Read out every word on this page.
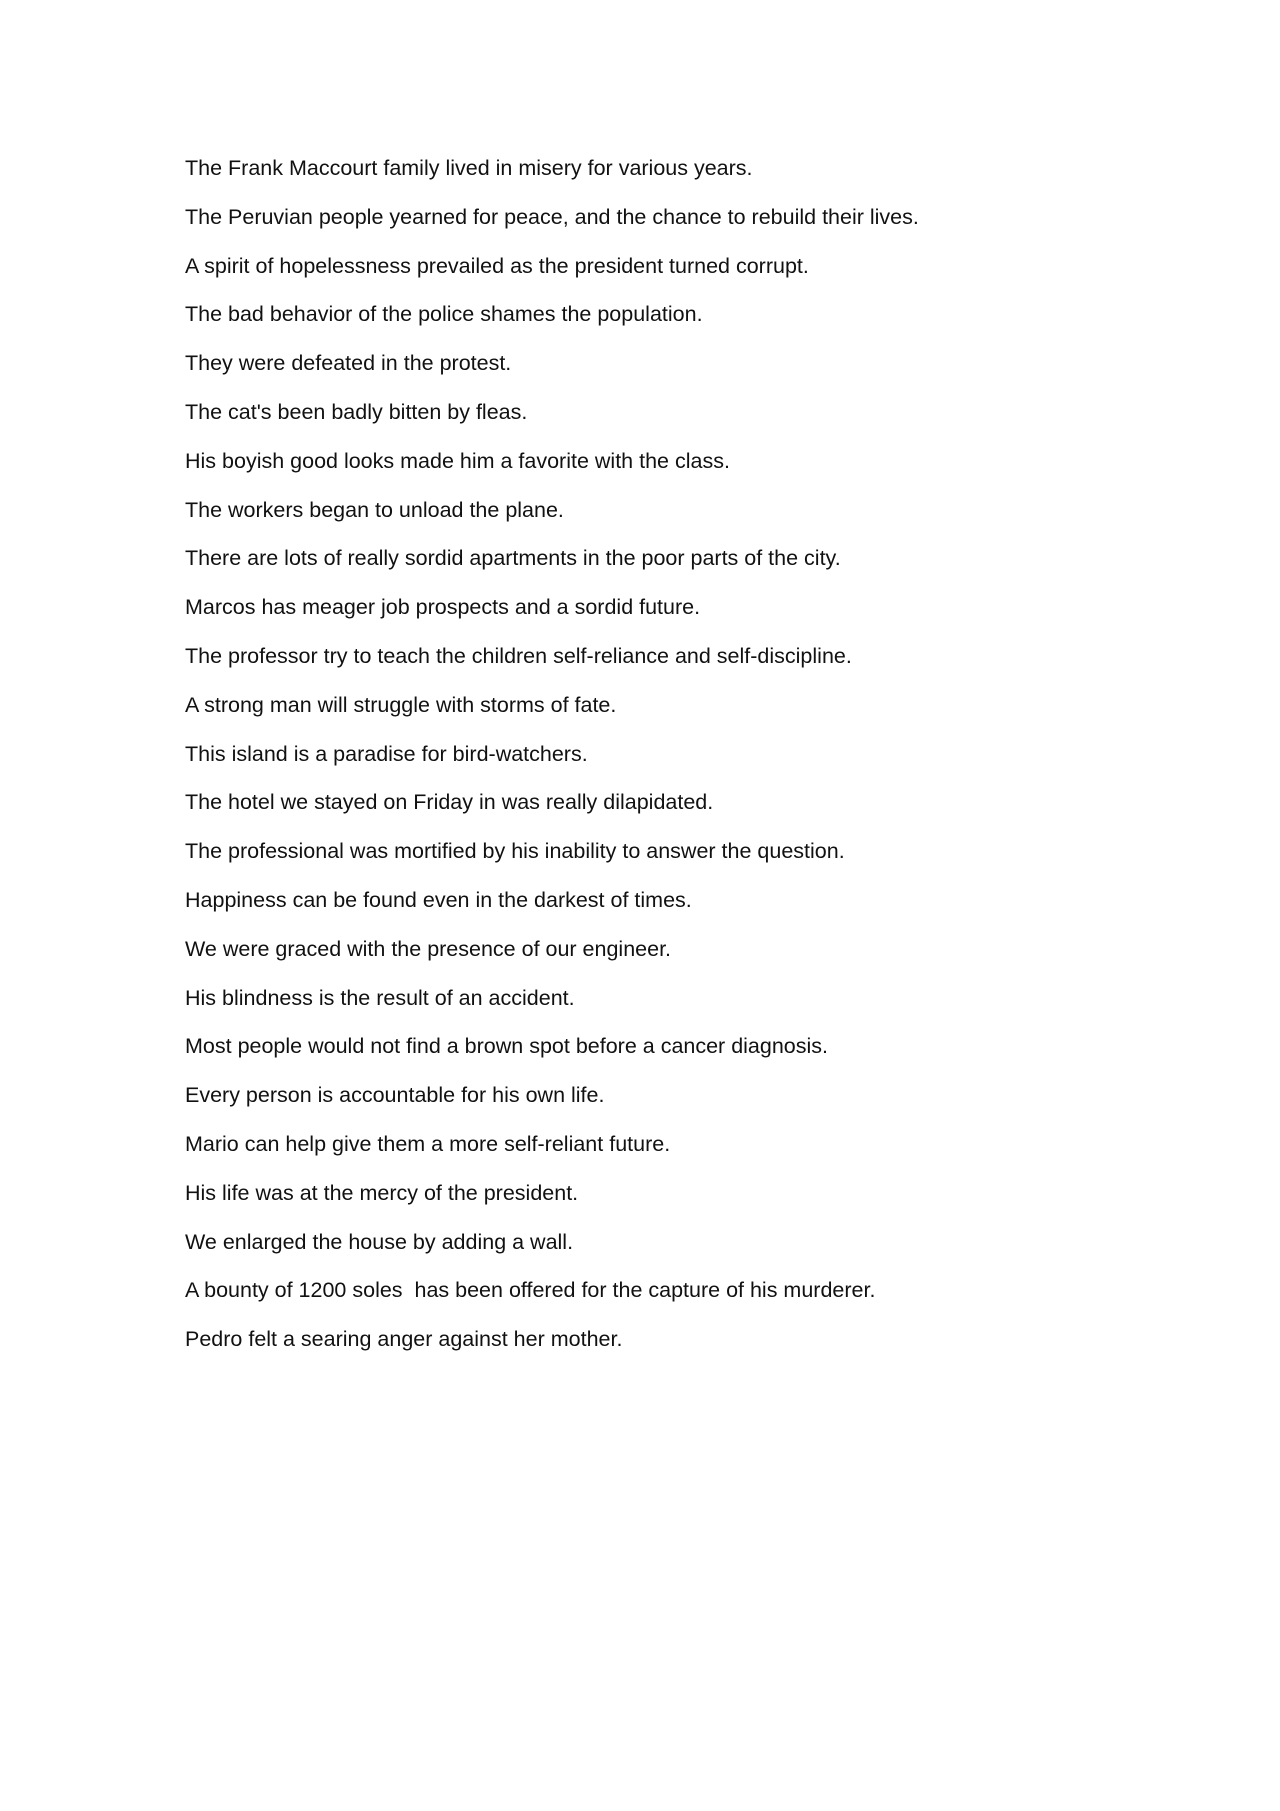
The Frank Maccourt family lived in misery for various years.

The Peruvian people yearned for peace, and the chance to rebuild their lives.

A spirit of hopelessness prevailed as the president turned corrupt.

The bad behavior of the police shames the population.

They were defeated in the protest.

The cat's been badly bitten by fleas.

His boyish good looks made him a favorite with the class.

The workers began to unload the plane.

There are lots of really sordid apartments in the poor parts of the city.

Marcos has meager job prospects and a sordid future.

The professor try to teach the children self-reliance and self-discipline.

A strong man will struggle with storms of fate.

This island is a paradise for bird-watchers.

The hotel we stayed on Friday in was really dilapidated.

The professional was mortified by his inability to answer the question.

Happiness can be found even in the darkest of times.

We were graced with the presence of our engineer.

His blindness is the result of an accident.

Most people would not find a brown spot before a cancer diagnosis.

Every person is accountable for his own life.

Mario can help give them a more self-reliant future.

His life was at the mercy of the president.

We enlarged the house by adding a wall.

A bounty of 1200 soles  has been offered for the capture of his murderer.

Pedro felt a searing anger against her mother.
